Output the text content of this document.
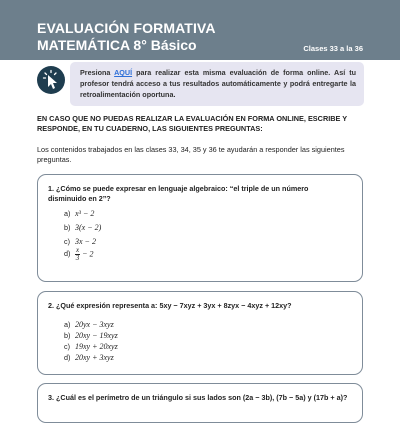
EVALUACIÓN FORMATIVA
MATEMÁTICA 8° Básico	Clases 33 a la 36
Presiona AQUÍ para realizar esta misma evaluación de forma online. Así tu profesor tendrá acceso a tus resultados automáticamente y podrá entregarte la retroalimentación oportuna.
EN CASO QUE NO PUEDAS REALIZAR LA EVALUACIÓN EN FORMA ONLINE, ESCRIBE Y RESPONDE, EN TU CUADERNO, LAS SIGUIENTES PREGUNTAS:
Los contenidos trabajados en las clases 33, 34, 35 y 36 te ayudarán a responder las siguientes preguntas.
1. ¿Cómo se puede expresar en lenguaje algebraico: “el triple de un número disminuido en 2”?
a) x³ − 2
b) 3(x − 2)
c) 3x − 2
$d) \frac{x}{3} - 2$
2. ¿Qué expresión representa a: 5xy − 7xyz + 3yx + 8zyx − 4xyz + 12xy?
a) 20yx − 3xyz
b) 20xy − 19xyz
c) 19xy + 20xyz
d) 20xy + 3xyz
3. ¿Cuál es el perímetro de un triángulo si sus lados son (2a − 3b), (7b − 5a) y (17b + a)?
